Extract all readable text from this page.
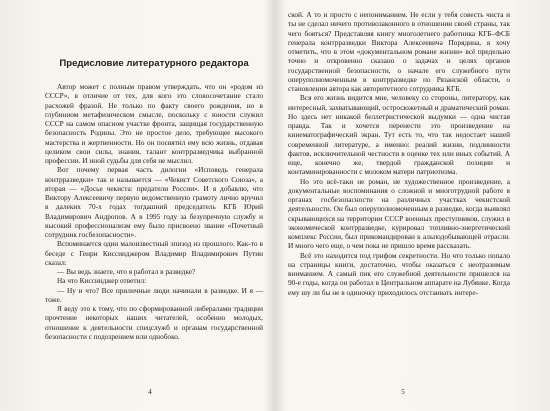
Предисловие литературного редактора

Автор может с полным правом утверждать, что он «родом из СССР», в отличие от тех, для кого это словосочетание стало расхожей фразой. Не только по факту своего рождения, но в глубинном метафизическом смысле, поскольку с юности служил СССР на самом опасном участке фронта, защищая государственную безопасность Родины. Это не простое дело, требующее высокого мастерства и жертвенности. Но он посвятил ему всю жизнь, отдавая целиком свои силы, знания, талант контрразведчика выбранной профессии. И иной судьбы для себя не мыслил.

Вот почему первая часть дилогии «Исповедь генерала контрразведки» так и называется — «Чекист Советского Союза», а вторая — «Досье чекиста: предатели России». И я добавлю, что Виктору Алексеевичу первую ведомственную грамоту лично вручил в далеких 70-х годах тогдашний председатель КГБ Юрий Владимирович Андропов. А в 1995 году за безупречную службу и высокий профессионализм ему было присвоено звание «Почетный сотрудник госбезопасности».

Вспоминается один малоизвестный эпизод из прошлого. Как-то в беседе с Генри Киссинджером Владимир Владимирович Путин сказал:

— Вы ведь знаете, что я работал в разведке?

На что Киссинджер ответил:

— Ну и что? Все приличные люди начинали в разведке. И я — тоже.

Я веду это к тому, что по сформированной либералами традиции прочтение некоторых наших читателей, особенно молодых, отношение к деятельности спецслужб и органам государственной безопасности с подозрением или однобоко.

4

ской. А то и просто с непониманием. Не если у тебя совесть чиста и ты не сделал ничего противозаконного в отношении своей страны, так чего бояться? Представляя книгу многолетнего работника КГБ–ФСБ генерала контрразведки Виктора Алексеевича Порядина, я хочу отметить, что в этом «документальном романе жизни» всё предельно точно и откровенно сказано о задачах и целях органов государственной безопасности, о начале его служебного пути оперуполномоченным в контрразведке по Рязанской области, о становлении автора как авторитетного сотрудника КГБ.

Вся его жизнь видится мне, человеку со стороны, литератору, как интересный, захватывающий, остросюжетный и драматический роман. Но здесь нет никакой беллетристической выдумки — одна чистая правда. Так и хочется перенести это произведение на кинематографический экран. Тут есть то, что так недостает нашей современной литературе, а именно: реалий жизни, подлинности фактов, исключительной честности в оценке тех или иных событий. А еще, конечно же, твердой гражданской позиции и контаминированности с молоком матери патриотизма.

Но это всё-таки не роман, не художественное произведение, а документальные воспоминания о сложной и многотрудной работе в органах госбезопасности на различных участках чекистской деятельности. Он был оперуполномоченным в разведке, когда выявлял скрывающихся на территории СССР военных преступников, служил в экономической контрразведке, курировал топливно-энергетический комплекс России, был прикомандирован к альподобывающей отрасли. И много чего еще, о чем пока не пришло время рассказать.

Всё это находится под грифом секретности. Но что только попало на страницы книги, достаточно, чтобы оказаться с неотразимым вниманием. А самый пик его служебной деятельности пришелся на 90-е годы, когда он работал в Центральном аппарате на Лубянке. Когда ему шу ли бы не в одиночку приходилось отстаивать интере-

5
